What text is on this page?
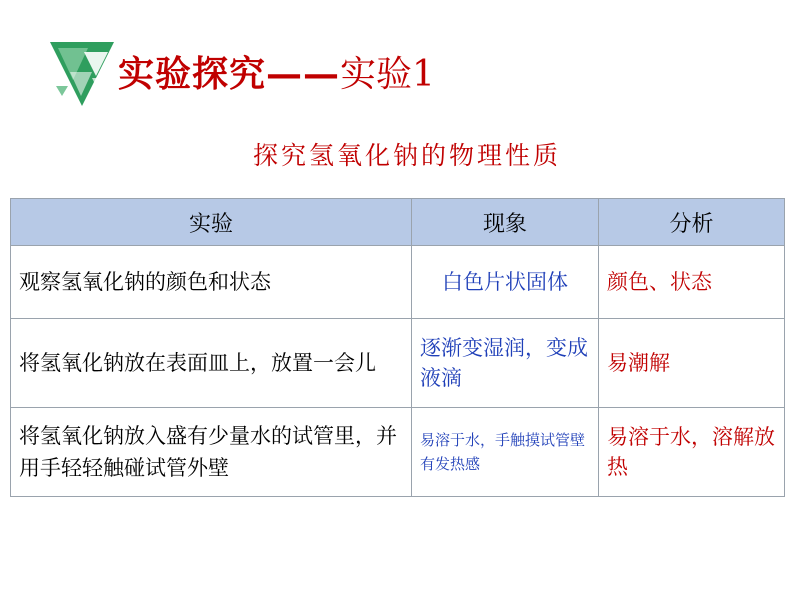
实验探究——实验1
探究氢氧化钠的物理性质
实验	现象	分析
观察氢氧化钠的颜色和状态	白色片状固体	颜色、状态
将氢氧化钠放在表面皿上，放置一会儿	逐渐变湿润，变成液滴	易潮解
将氢氧化钠放入盛有少量水的试管里，并用手轻轻触碰试管外壁	易溶于水，手触摸试管壁有发热感	易溶于水，溶解放热
